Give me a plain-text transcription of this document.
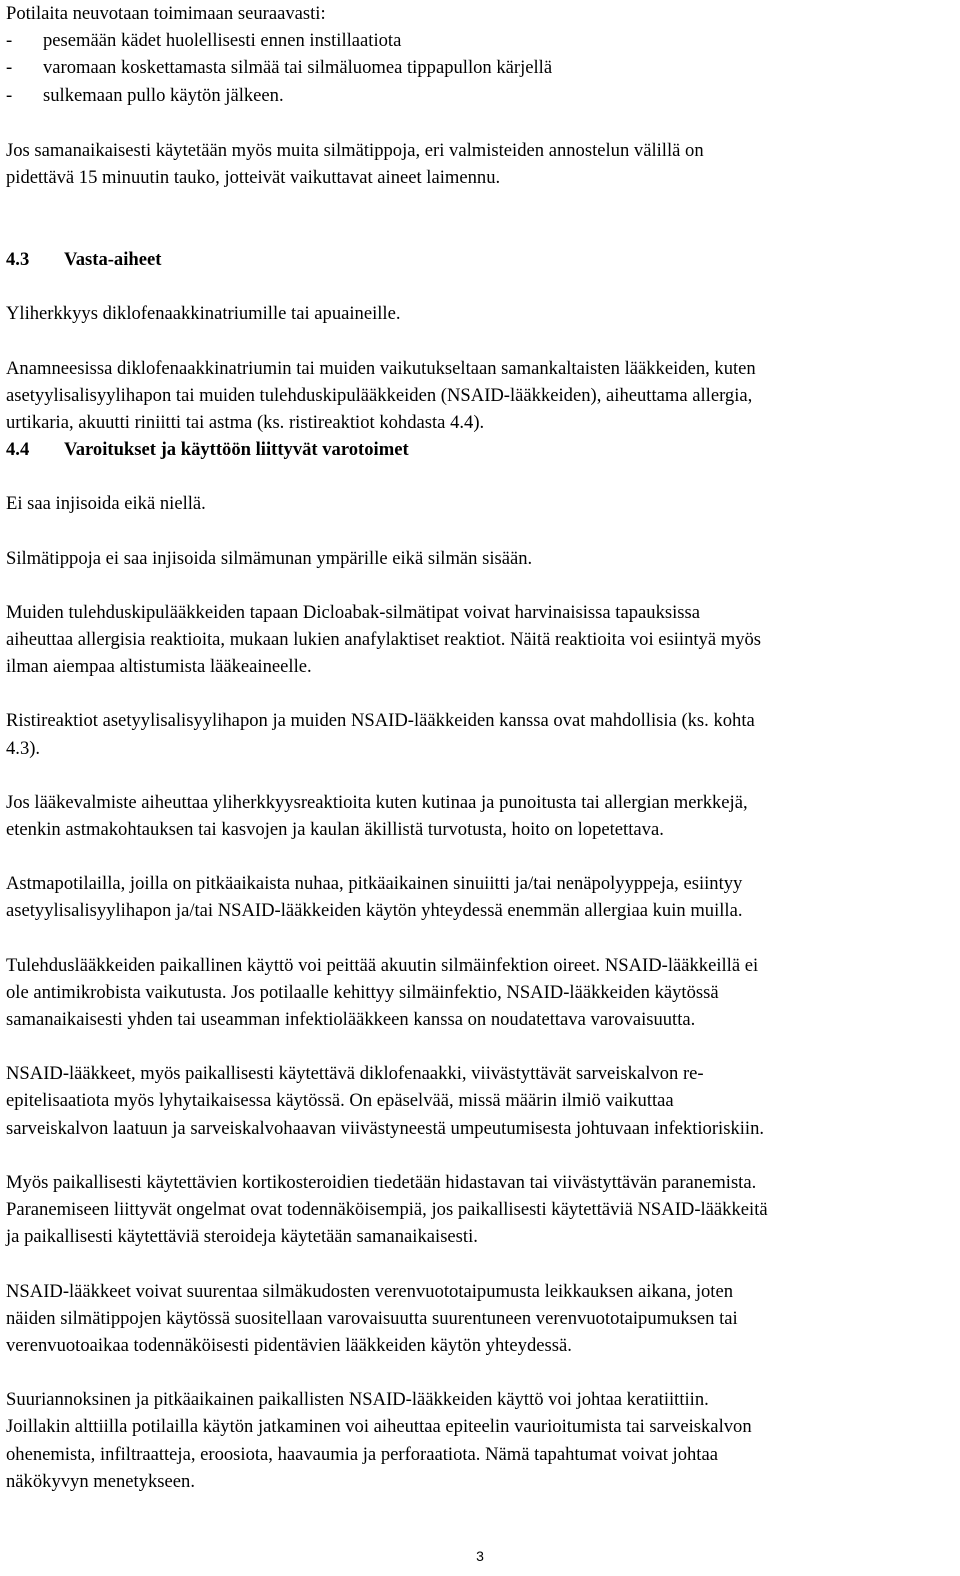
Potilaita neuvotaan toimimaan seuraavasti:
-	pesemään kädet huolellisesti ennen instillaatiota
-	varomaan koskettamasta silmää tai silmäluomea tippapullon kärjellä
-	sulkemaan pullo käytön jälkeen.

Jos samanaikaisesti käytetään myös muita silmätippoja, eri valmisteiden annostelun välillä on
pidettävä 15 minuutin tauko, jotteivät vaikuttavat aineet laimennu.

4.3	Vasta-aiheet

Yliherkkyys diklofenaakkinatriumille tai apuaineille.

Anamneesissa diklofenaakkinatriumin tai muiden vaikutukseltaan samankaltaisten lääkkeiden, kuten
asetyylisalisyylihapon tai muiden tulehduskipulääkkeiden (NSAID-lääkkeiden), aiheuttama allergia,
urtikaria, akuutti riniitti tai astma (ks. ristireaktiot kohdasta 4.4).

4.4	Varoitukset ja käyttöön liittyvät varotoimet

Ei saa injisoida eikä niellä.

Silmätippoja ei saa injisoida silmämunan ympärille eikä silmän sisään.

Muiden tulehduskipulääkkeiden tapaan Dicloabak-silmätipat voivat harvinaisissa tapauksissa
aiheuttaa allergisia reaktioita, mukaan lukien anafylaktiset reaktiot. Näitä reaktioita voi esiintyä myös
ilman aiempaa altistumista lääkeaineelle.

Ristireaktiot asetyylisalisyylihapon ja muiden NSAID-lääkkeiden kanssa ovat mahdollisia (ks. kohta
4.3).

Jos lääkevalmiste aiheuttaa yliherkkyysreaktioita kuten kutinaa ja punoitusta tai allergian merkkejä,
etenkin astmakohtauksen tai kasvojen ja kaulan äkillistä turvotusta, hoito on lopetettava.

Astmapotilailla, joilla on pitkäaikaista nuhaa, pitkäaikainen sinuiitti ja/tai nenäpolyyppeja, esiintyy
asetyylisalisyylihapon ja/tai NSAID-lääkkeiden käytön yhteydessä enemmän allergiaa kuin muilla.

Tulehduslääkkeiden paikallinen käyttö voi peittää akuutin silmäinfektion oireet. NSAID-lääkkeillä ei
ole antimikrobista vaikutusta. Jos potilaalle kehittyy silmäinfektio, NSAID-lääkkeiden käytössä
samanaikaisesti yhden tai useamman infektiolääkkeen kanssa on noudatettava varovaisuutta.

NSAID-lääkkeet, myös paikallisesti käytettävä diklofenaakki, viivästyttävät sarveiskalvon re-
epitelisaatiota myös lyhytaikaisessa käytössä. On epäselvää, missä määrin ilmiö vaikuttaa
sarveiskalvon laatuun ja sarveiskalvohaavan viivästyneestä umpeutumisesta johtuvaan infektioriskiin.

Myös paikallisesti käytettävien kortikosteroidien tiedetään hidastavan tai viivästyttävän paranemista.
Paranemiseen liittyvät ongelmat ovat todennäköisempiä, jos paikallisesti käytettäviä NSAID-lääkkeitä
ja paikallisesti käytettäviä steroideja käytetään samanaikaisesti.

NSAID-lääkkeet voivat suurentaa silmäkudosten verenvuototaipumusta leikkauksen aikana, joten
näiden silmätippojen käytössä suositellaan varovaisuutta suurentuneen verenvuototaipumuksen tai
verenvuotoaikaa todennäköisesti pidentävien lääkkeiden käytön yhteydessä.

Suuriannoksinen ja pitkäaikainen paikallisten NSAID-lääkkeiden käyttö voi johtaa keratiittiin.
Joillakin alttiilla potilailla käytön jatkaminen voi aiheuttaa epiteelin vaurioitumista tai sarveiskalvon
ohenemista, infiltraatteja, eroosiota, haavaumia ja perforaatiota. Nämä tapahtumat voivat johtaa
näkökyvyn menetykseen.

3
